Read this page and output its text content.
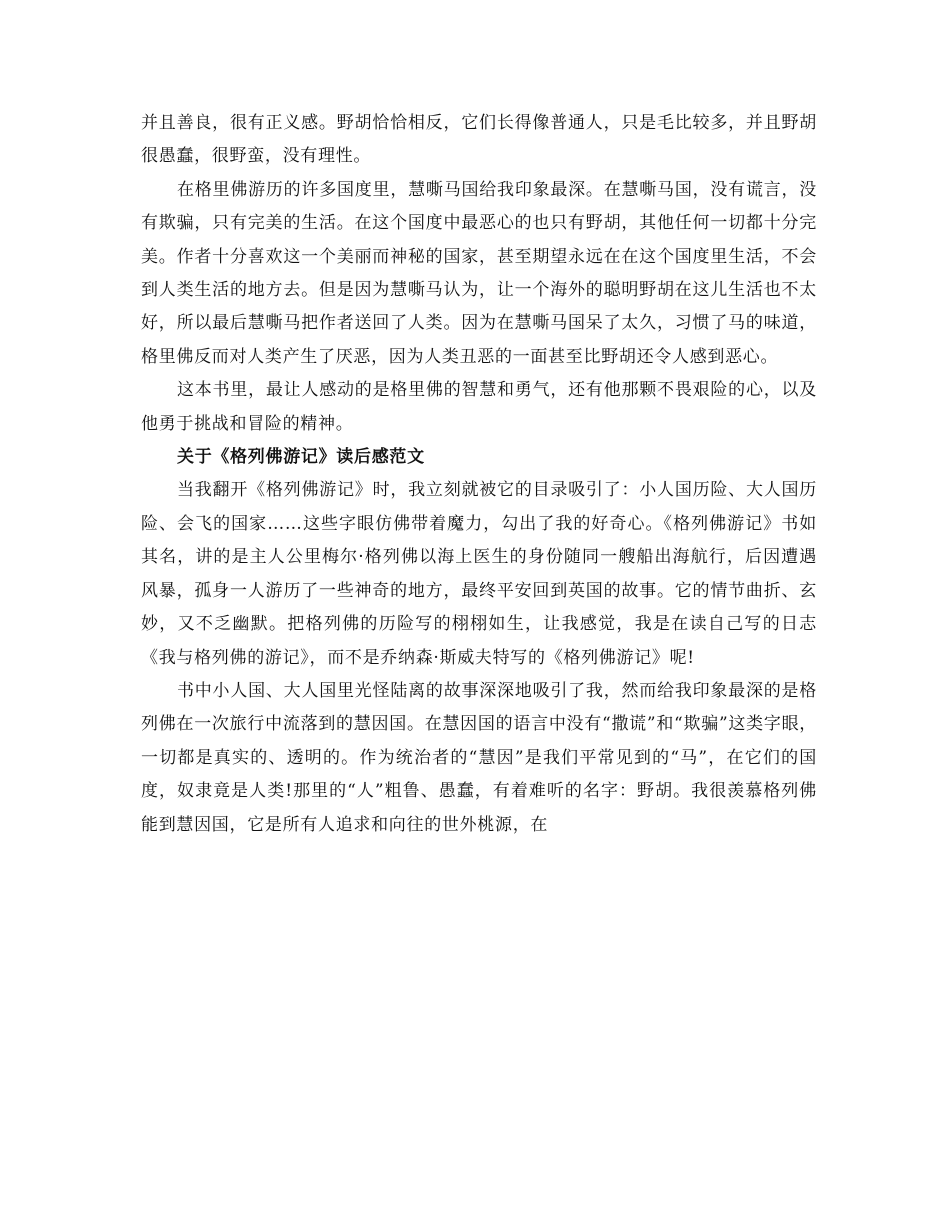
并且善良，很有正义感。野胡恰恰相反，它们长得像普通人，只是毛比较多，并且野胡很愚蠢，很野蛮，没有理性。

在格里佛游历的许多国度里，慧嘶马国给我印象最深。在慧嘶马国，没有谎言，没有欺骗，只有完美的生活。在这个国度中最恶心的也只有野胡，其他任何一切都十分完美。作者十分喜欢这一个美丽而神秘的国家，甚至期望永远在在这个国度里生活，不会到人类生活的地方去。但是因为慧嘶马认为，让一个海外的聪明野胡在这儿生活也不太好，所以最后慧嘶马把作者送回了人类。因为在慧嘶马国呆了太久，习惯了马的味道，格里佛反而对人类产生了厌恶，因为人类丑恶的一面甚至比野胡还令人感到恶心。

这本书里，最让人感动的是格里佛的智慧和勇气，还有他那颗不畏艰险的心，以及他勇于挑战和冒险的精神。

关于《格列佛游记》读后感范文

当我翻开《格列佛游记》时，我立刻就被它的目录吸引了：小人国历险、大人国历险、会飞的国家……这些字眼仿佛带着魔力，勾出了我的好奇心。《格列佛游记》书如其名，讲的是主人公里梅尔·格列佛以海上医生的身份随同一艘船出海航行，后因遭遇风暴，孤身一人游历了一些神奇的地方，最终平安回到英国的故事。它的情节曲折、玄妙，又不乏幽默。把格列佛的历险写的栩栩如生，让我感觉，我是在读自己写的日志《我与格列佛的游记》，而不是乔纳森·斯威夫特写的《格列佛游记》呢!

书中小人国、大人国里光怪陆离的故事深深地吸引了我，然而给我印象最深的是格列佛在一次旅行中流落到的慧因国。在慧因国的语言中没有“撒谎”和“欺骗”这类字眼，一切都是真实的、透明的。作为统治者的“慧因”是我们平常见到的“马”，在它们的国度，奴隶竟是人类!那里的“人”粗鲁、愚蠢，有着难听的名字：野胡。我很羡慕格列佛能到慧因国，它是所有人追求和向往的世外桃源，在
